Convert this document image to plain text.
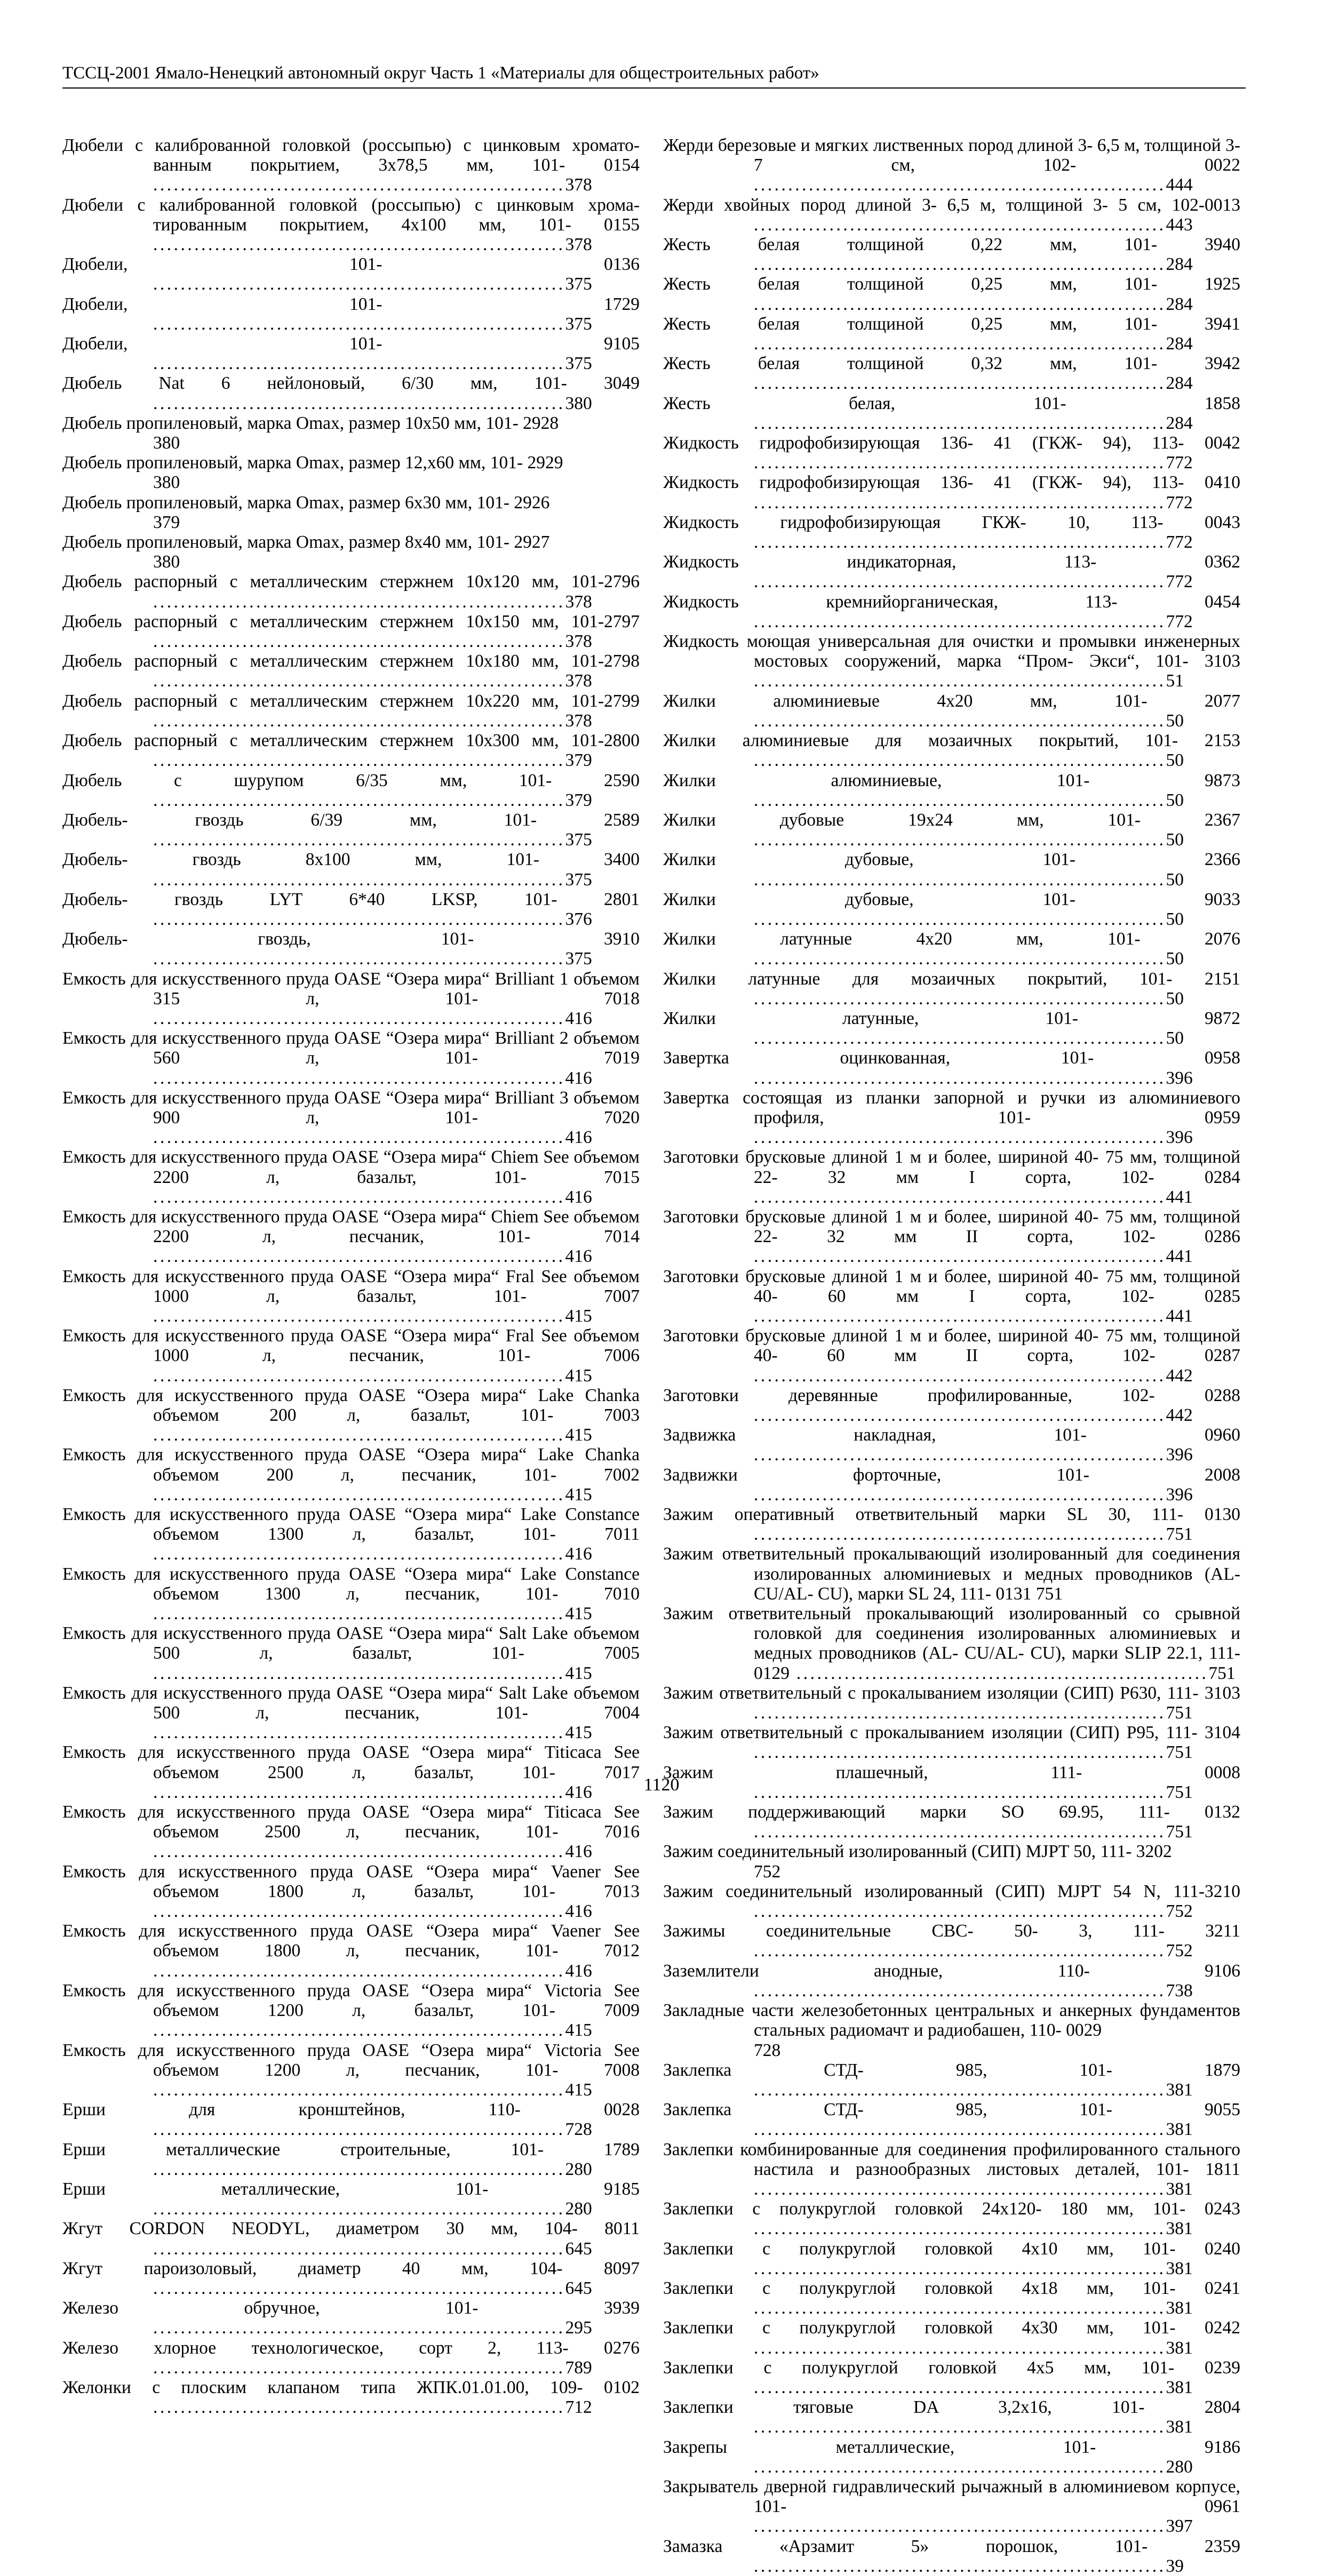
ТССЦ-2001 Ямало-Ненецкий автономный округ Часть 1 «Материалы для общестроительных работ»
Дюбели с калиброванной головкой (россыпью) с цинковым хромато-ванным покрытием, 3х78,5 мм, 101- 0154 ............................................................378
Дюбели с калиброванной головкой (россыпью) с цинковым хрома-тированным покрытием, 4х100 мм, 101- 0155 ............................................................378
Дюбели, 101- 0136 ............................................................375
Дюбели, 101- 1729 ............................................................375
Дюбели, 101- 9105 ............................................................375
Дюбель Nat 6 нейлоновый, 6/30 мм, 101- 3049 ............................................................380
Дюбель пропиленовый, марка Omax, размер 10х50 мм, 101- 2928
380
Дюбель пропиленовый, марка Omax, размер 12,х60 мм, 101- 2929
380
Дюбель пропиленовый, марка Omax, размер 6х30 мм, 101- 2926
379
Дюбель пропиленовый, марка Omax, размер 8х40 мм, 101- 2927
380
Дюбель распорный с металлическим стержнем 10х120 мм, 101-2796 ............................................................378
Дюбель распорный с металлическим стержнем 10х150 мм, 101-2797 ............................................................378
Дюбель распорный с металлическим стержнем 10х180 мм, 101-2798 ............................................................378
Дюбель распорный с металлическим стержнем 10х220 мм, 101-2799 ............................................................378
Дюбель распорный с металлическим стержнем 10х300 мм, 101-2800 ............................................................379
Дюбель с шурупом 6/35 мм, 101- 2590 ............................................................379
Дюбель- гвоздь 6/39 мм, 101- 2589 ............................................................375
Дюбель- гвоздь 8х100 мм, 101- 3400 ............................................................375
Дюбель- гвоздь LYT 6*40 LKSP, 101- 2801 ............................................................376
Дюбель- гвоздь, 101- 3910 ............................................................375
Емкость для искусственного пруда OASE “Озера мира“ Brilliant 1 объемом 315 л, 101- 7018 ............................................................416
Емкость для искусственного пруда OASE “Озера мира“ Brilliant 2 объемом 560 л, 101- 7019 ............................................................416
Емкость для искусственного пруда OASE “Озера мира“ Brilliant 3 объемом 900 л, 101- 7020 ............................................................416
Емкость для искусственного пруда OASE “Озера мира“ Chiem See объемом 2200 л, базальт, 101- 7015 ............................................................416
Емкость для искусственного пруда OASE “Озера мира“ Chiem See объемом 2200 л, песчаник, 101- 7014 ............................................................416
Емкость для искусственного пруда OASE “Озера мира“ Fral See объемом 1000 л, базальт, 101- 7007 ............................................................415
Емкость для искусственного пруда OASE “Озера мира“ Fral See объемом 1000 л, песчаник, 101- 7006 ............................................................415
Емкость для искусственного пруда OASE “Озера мира“ Lake Chanka объемом 200 л, базальт, 101- 7003 ............................................................415
Емкость для искусственного пруда OASE “Озера мира“ Lake Chanka объемом 200 л, песчаник, 101- 7002 ............................................................415
Емкость для искусственного пруда OASE “Озера мира“ Lake Constance объемом 1300 л, базальт, 101- 7011 ............................................................416
Емкость для искусственного пруда OASE “Озера мира“ Lake Constance объемом 1300 л, песчаник, 101- 7010 ............................................................415
Емкость для искусственного пруда OASE “Озера мира“ Salt Lake объемом 500 л, базальт, 101- 7005 ............................................................415
Емкость для искусственного пруда OASE “Озера мира“ Salt Lake объемом 500 л, песчаник, 101- 7004 ............................................................415
Емкость для искусственного пруда OASE “Озера мира“ Titicaca See объемом 2500 л, базальт, 101- 7017 ............................................................416
Емкость для искусственного пруда OASE “Озера мира“ Titicaca See объемом 2500 л, песчаник, 101- 7016 ............................................................416
Емкость для искусственного пруда OASE “Озера мира“ Vaener See объемом 1800 л, базальт, 101- 7013 ............................................................416
Емкость для искусственного пруда OASE “Озера мира“ Vaener See объемом 1800 л, песчаник, 101- 7012 ............................................................416
Емкость для искусственного пруда OASE “Озера мира“ Victoria See объемом 1200 л, базальт, 101- 7009 ............................................................415
Емкость для искусственного пруда OASE “Озера мира“ Victoria See объемом 1200 л, песчаник, 101- 7008 ............................................................415
Ерши для кронштейнов, 110- 0028 ............................................................728
Ерши металлические строительные, 101- 1789 ............................................................280
Ерши металлические, 101- 9185 ............................................................280
Жгут CORDON NEODYL, диаметром 30 мм, 104- 8011 ............................................................645
Жгут пароизоловый, диаметр 40 мм, 104- 8097 ............................................................645
Железо обручное, 101- 3939 ............................................................295
Железо хлорное технологическое, сорт 2, 113- 0276 ............................................................789
Желонки с плоским клапаном типа ЖПК.01.01.00, 109- 0102 ............................................................712
Жерди березовые и мягких лиственных пород длиной 3- 6,5 м, толщиной 3- 7 см, 102- 0022 ............................................................444
Жерди хвойных пород длиной 3- 6,5 м, толщиной 3- 5 см, 102-0013 ............................................................443
Жесть белая толщиной 0,22 мм, 101- 3940 ............................................................284
Жесть белая толщиной 0,25 мм, 101- 1925 ............................................................284
Жесть белая толщиной 0,25 мм, 101- 3941 ............................................................284
Жесть белая толщиной 0,32 мм, 101- 3942 ............................................................284
Жесть белая, 101- 1858 ............................................................284
Жидкость гидрофобизирующая 136- 41 (ГКЖ- 94), 113- 0042 ............................................................772
Жидкость гидрофобизирующая 136- 41 (ГКЖ- 94), 113- 0410 ............................................................772
Жидкость гидрофобизирующая ГКЖ- 10, 113- 0043 ............................................................772
Жидкость индикаторная, 113- 0362 ............................................................772
Жидкость кремнийорганическая, 113- 0454 ............................................................772
Жидкость моющая универсальная для очистки и промывки инженерных мостовых сооружений, марка “Пром- Экси“, 101- 3103 ............................................................51
Жилки алюминиевые 4х20 мм, 101- 2077 ............................................................50
Жилки алюминиевые для мозаичных покрытий, 101- 2153 ............................................................50
Жилки алюминиевые, 101- 9873 ............................................................50
Жилки дубовые 19х24 мм, 101- 2367 ............................................................50
Жилки дубовые, 101- 2366 ............................................................50
Жилки дубовые, 101- 9033 ............................................................50
Жилки латунные 4х20 мм, 101- 2076 ............................................................50
Жилки латунные для мозаичных покрытий, 101- 2151 ............................................................50
Жилки латунные, 101- 9872 ............................................................50
Завертка оцинкованная, 101- 0958 ............................................................396
Завертка состоящая из планки запорной и ручки из алюминиевого профиля, 101- 0959 ............................................................396
Заготовки брусковые длиной 1 м и более, шириной 40- 75 мм, толщиной 22- 32 мм I сорта, 102- 0284 ............................................................441
Заготовки брусковые длиной 1 м и более, шириной 40- 75 мм, толщиной 22- 32 мм II сорта, 102- 0286 ............................................................441
Заготовки брусковые длиной 1 м и более, шириной 40- 75 мм, толщиной 40- 60 мм I сорта, 102- 0285 ............................................................441
Заготовки брусковые длиной 1 м и более, шириной 40- 75 мм, толщиной 40- 60 мм II сорта, 102- 0287 ............................................................442
Заготовки деревянные профилированные, 102- 0288 ............................................................442
Задвижка накладная, 101- 0960 ............................................................396
Задвижки форточные, 101- 2008 ............................................................396
Зажим оперативный ответвительный марки SL 30, 111- 0130 ............................................................751
Зажим ответвительный прокалывающий изолированный для соединения изолированных алюминиевых и медных проводников (AL- CU/AL- CU), марки SL 24, 111- 0131 751
Зажим ответвительный прокалывающий изолированный со срывной головкой для соединения изолированных алюминиевых и медных проводников (AL- CU/AL- CU), марки SLIP 22.1, 111- 0129 ............................................................751
Зажим ответвительный с прокалыванием изоляции (СИП) Р630, 111- 3103 ............................................................751
Зажим ответвительный с прокалыванием изоляции (СИП) Р95, 111- 3104 ............................................................751
Зажим плашечный, 111- 0008 ............................................................751
Зажим поддерживающий марки SO 69.95, 111- 0132 ............................................................751
Зажим соединительный изолированный (СИП) MJPT 50, 111- 3202
752
Зажим соединительный изолированный (СИП) MJPT 54 N, 111-3210 ............................................................752
Зажимы соединительные СВС- 50- 3, 111- 3211 ............................................................752
Заземлители анодные, 110- 9106 ............................................................738
Закладные части железобетонных центральных и анкерных фундаментов стальных радиомачт и радиобашен, 110- 0029
728
Заклепка СТД- 985, 101- 1879 ............................................................381
Заклепка СТД- 985, 101- 9055 ............................................................381
Заклепки комбинированные для соединения профилированного стального настила и разнообразных листовых деталей, 101- 1811 ............................................................381
Заклепки с полукруглой головкой 24х120- 180 мм, 101- 0243 ............................................................381
Заклепки с полукруглой головкой 4х10 мм, 101- 0240 ............................................................381
Заклепки с полукруглой головкой 4х18 мм, 101- 0241 ............................................................381
Заклепки с полукруглой головкой 4х30 мм, 101- 0242 ............................................................381
Заклепки с полукруглой головкой 4х5 мм, 101- 0239 ............................................................381
Заклепки тяговые DA 3,2х16, 101- 2804 ............................................................381
Закрепы металлические, 101- 9186 ............................................................280
Закрыватель дверной гидравлический рычажный в алюминиевом корпусе, 101- 0961 ............................................................397
Замазка «Арзамит 5» порошок, 101- 2359 ............................................................39
1120
